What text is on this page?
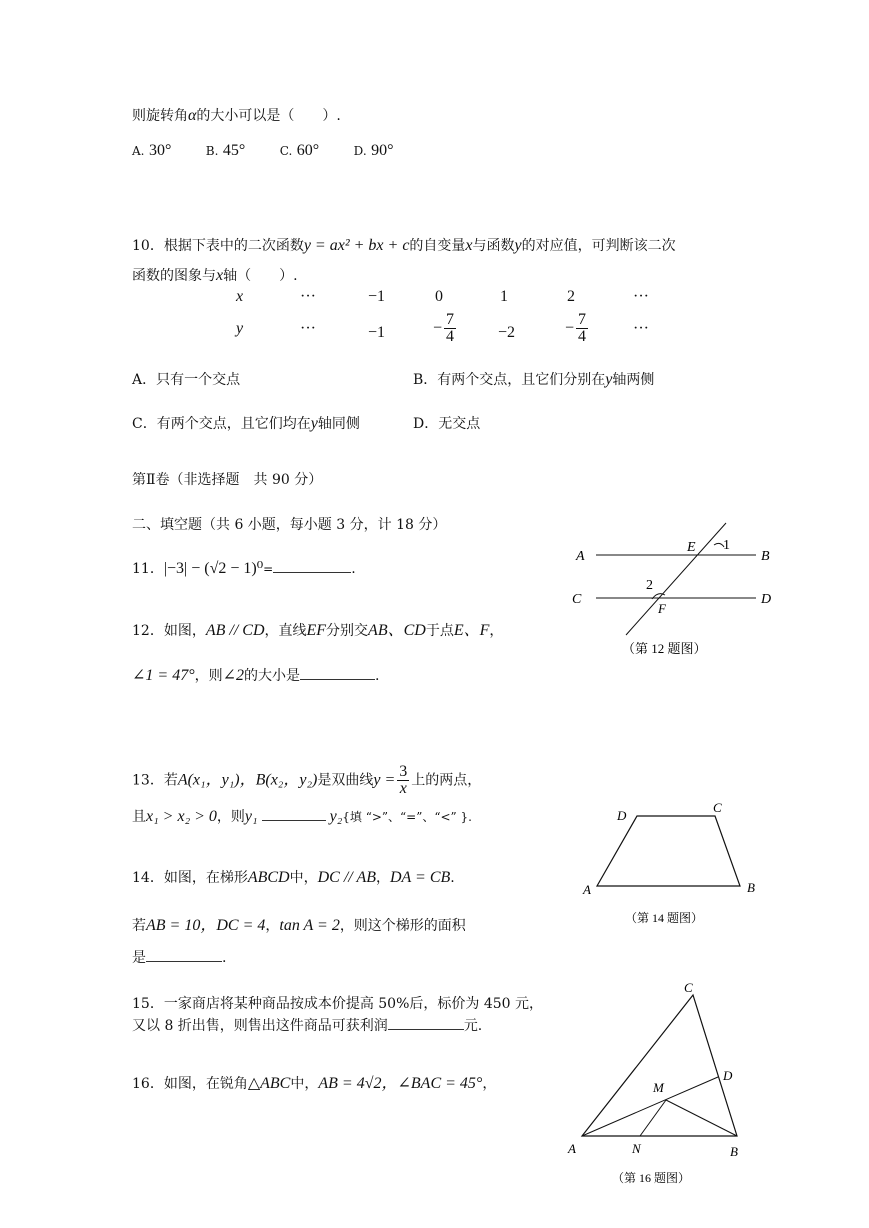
则旋转角α的大小可以是（　　）.
A. 30°	B. 45°	C. 60°	D. 90°
10．根据下表中的二次函数y = ax² + bx + c的自变量x与函数y的对应值，可判断该二次
函数的图象与x轴（　　）.
x	···	−1	0	1	2	···
y	···	−1	− $\frac{7}{4}$	−2	− $\frac{7}{4}$	···
A．只有一个交点	B．有两个交点，且它们分别在y轴两侧
C．有两个交点，且它们均在y轴同侧	D．无交点
第Ⅱ卷（非选择题　共 90 分）
二、填空题（共 6 小题，每小题 3 分，计 18 分）
11．|−3| − (√2 − 1)⁰=	.
12．如图，AB // CD，直线EF分别交AB、CD于点E、F，
∠1 = 47°，则∠2的大小是	.
A	B
C	D
E
F
1
2
（第 12 题图）
13．若A(x₁，y₁)，B(x₂，y₂)是双曲线$y = \frac{3}{x}$ 上的两点，
且x₁ > x₂ > 0，则y₁	y₂{填 “>”、“=”、“<” }.
A	B
C
D
（第 14 题图）
14．如图，在梯形ABCD中，DC // AB，DA = CB.
若AB = 10，DC = 4，tan A = 2，则这个梯形的面积
是	.
15．一家商店将某种商品按成本价提高 50%后，标价为 450 元，
又以 8 折出售，则售出这件商品可获利润	元.
16．如图，在锐角△ABC中，AB = 4√2，∠BAC = 45°，
A	B
C
D
M
N
（第 16 题图）
